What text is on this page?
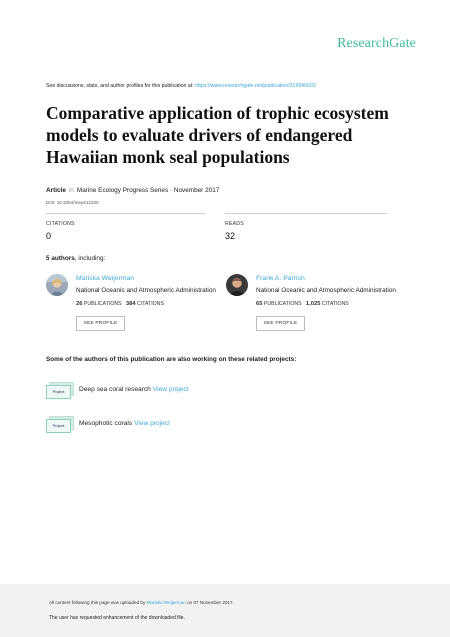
ResearchGate
See discussions, stats, and author profiles for this publication at: https://www.researchgate.net/publication/319946603
Comparative application of trophic ecosystem models to evaluate drivers of endangered Hawaiian monk seal populations
Article in Marine Ecology Progress Series · November 2017
DOI: 10.3354/meps12320
CITATIONS
0
READS
32
5 authors, including:
Mariska Weijerman
National Oceanic and Atmospheric Administration
26 PUBLICATIONS 384 CITATIONS
SEE PROFILE
Frank A. Parrish
National Oceanic and Atmospheric Administration
65 PUBLICATIONS 1,025 CITATIONS
SEE PROFILE
Some of the authors of this publication are also working on these related projects:
Project	Deep sea coral research View project
Project	Mesophotic corals View project
All content following this page was uploaded by Mariska Weijerman on 07 November 2017.
The user has requested enhancement of the downloaded file.
